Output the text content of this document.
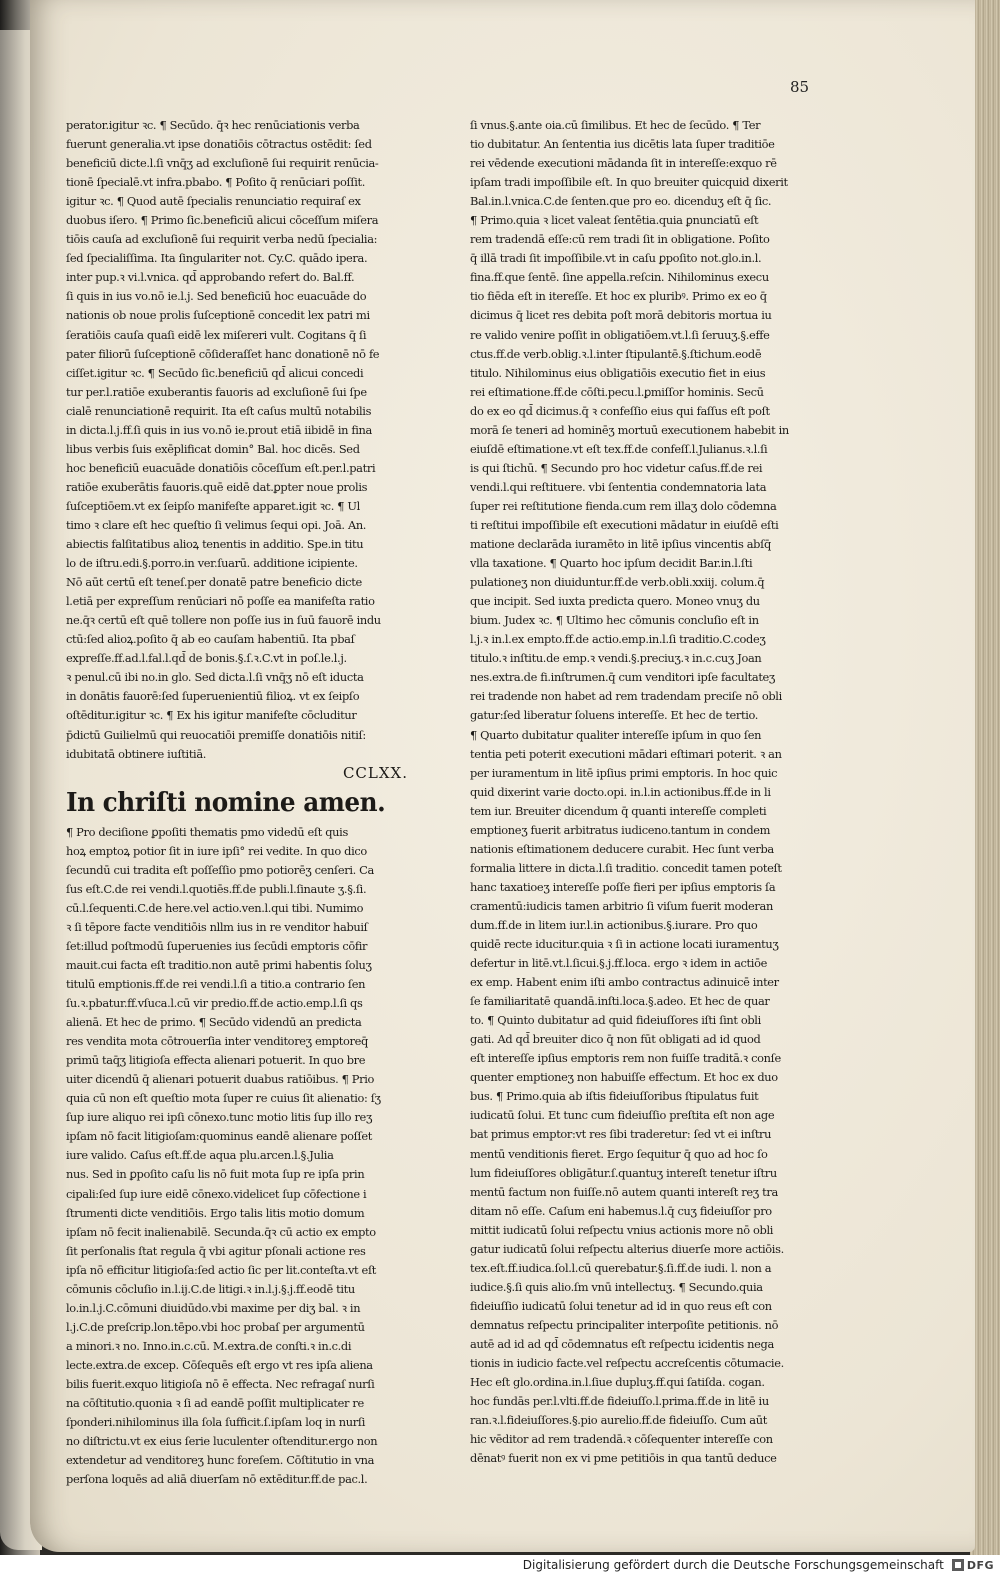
85
perator.igitur ꝛc. ¶ Secūdo. q̄ꝛ hec renūciationis verba
fuerunt generalia.vt ipse donatiōis cōtractus ostēdit: ſed
beneficiū dicte.l.ſi vnq̄ʒ ad excluſionē ſui requirit renūcia-
tionē ſpecialē.vt infra.pbabo. ¶ Poſito q̄ renūciari poſſit.
igitur ꝛc. ¶ Quod autē ſpecialis renunciatio requiraſ ex
duobus iſero. ¶ Primo ſic.beneficiū alicui cōceſſum miſera
tiōis cauſa ad excluſionē ſui requirit verba nedū ſpecialia:
ſed ſpecialiſſima. Ita ſingulariter not. Cy.C. quādo ipera.
inter pup.ꝛ vi.l.vnica. qd̄ approbando refert do. Bal.ff.
ſi quis in ius vo.nō ie.l.j. Sed beneficiū hoc euacuāde do
nationis ob noue prolis ſuſceptionē concedit lex patri mi
ſeratiōis cauſa quaſi eidē lex miſereri vult. Cogitans q̄ ſi
pater filiorū ſuſceptionē cōſideraſſet hanc donationē nō fe
ciſſet.igitur ꝛc. ¶ Secūdo ſic.beneficiū qd̄ alicui concedi
tur per.l.ratiōe exuberantis fauoris ad excluſionē ſui ſpe
cialē renunciationē requirit. Ita eſt caſus multū notabilis
in dicta.l.j.ff.ſi quis in ius vo.nō ie.prout etiā iibidē in fina
libus verbis ſuis exēplificat domin° Bal. hoc dicēs. Sed
hoc beneficiū euacuāde donatiōis cōceſſum eſt.per.l.patri
ratiōe exuberātis fauoris.quē eidē dat.ꝑpter noue prolis
ſuſceptiōem.vt ex ſeipſo manifeſte apparet.igit ꝛc. ¶ Ul
timo ꝛ clare eſt hec queſtio ſi velimus ſequi opi. Joā. An.
abiectis falſitatibus alioꝝ tenentis in additio. Spe.in titu
lo de iſtru.edi.§.porro.in ver.ſuarū. additione icipiente.
Nō aūt certū eſt teneſ.per donatē patre beneficio dicte
l.etiā per expreſſum renūciari nō poſſe ea manifeſta ratio
ne.q̄ꝛ certū eſt quē tollere non poſſe ius in ſuū fauorē indu
ctū:ſed alioꝝ.poſito q̄ ab eo cauſam habentiū. Ita pbaſ
expreſſe.ff.ad.l.fal.l.qd̄ de bonis.§.ſ.ꝛ.C.vt in poſ.le.l.j.
ꝛ penul.cū ibi no.in glo. Sed dicta.l.ſi vnq̄ʒ nō eſt iducta
in donātis fauorē:ſed ſuperuenientiū filioꝝ. vt ex ſeipſo
oſtēditur.igitur ꝛc. ¶ Ex his igitur manifeſte cōcluditur
p̄dictū Guilielmū qui reuocatiōi premiſſe donatiōis nitiſ:
idubitatā obtinere iuſtitiā.
CCLXX.
In chriſti nomine amen.
¶ Pro deciſione ꝑpoſiti thematis pmo videdū eſt quis
hoꝝ emptoꝝ potior ſit in iure ipſi° rei vedite. In quo dico
ſecundū cui tradita eſt poſſeſſio pmo potiorēʒ cenſeri. Ca
ſus eſt.C.de rei vendi.l.quotiēs.ff.de publi.l.ſinaute ʒ.§.ſi.
cū.l.ſequenti.C.de here.vel actio.ven.l.qui tibi. Numimo
ꝛ ſi tēpore facte venditiōis nllm ius in re venditor habuiſ
ſet:illud poſtmodū ſuperuenies ius ſecūdi emptoris cōfir
mauit.cui facta eſt traditio.non autē primi habentis ſoluʒ
titulū emptionis.ff.de rei vendi.l.ſi a titio.a contrario ſen
ſu.ꝛ.pbatur.ff.vſuca.l.cū vir predio.ff.de actio.emp.l.ſi qs
alienā. Et hec de primo. ¶ Secūdo videndū an predicta
res vendita mota cōtrouerſia inter venditoreʒ emptoreq̄
primū taq̄ʒ litigioſa effecta alienari potuerit. In quo bre
uiter dicendū q̄ alienari potuerit duabus ratiōibus. ¶ Prio
quia cū non eſt queſtio mota ſuper re cuius ſit alienatio: ſʒ
ſup iure aliquo rei ipſi cōnexo.tunc motio litis ſup illo reʒ
ipſam nō facit litigioſam:quominus eandē alienare poſſet
iure valido. Caſus eſt.ff.de aqua plu.arcen.l.§.Julia
nus. Sed in ꝑpoſito caſu lis nō fuit mota ſup re ipſa prin
cipali:ſed ſup iure eidē cōnexo.videlicet ſup cōfectione i
ſtrumenti dicte venditiōis. Ergo talis litis motio domum
ipſam nō fecit inalienabilē. Secunda.q̄ꝛ cū actio ex empto
ſit perſonalis ſtat regula q̄ vbi agitur pſonali actione res
ipſa nō efficitur litigioſa:ſed actio ſic per lit.conteſta.vt eſt
cōmunis cōcluſio in.l.ij.C.de litigi.ꝛ in.l.j.§.j.ff.eodē titu
lo.in.l.j.C.cōmuni diuidūdo.vbi maxime per diʒ bal. ꝛ in
l.j.C.de preſcrip.lon.tēpo.vbi hoc probaſ per argumentū
a minori.ꝛ no. Inno.in.c.cū. M.extra.de conſti.ꝛ in.c.di
lecte.extra.de excep. Cōſequēs eſt ergo vt res ipſa aliena
bilis fuerit.exquo litigioſa nō ē effecta. Nec refragaſ nurſi
na cōſtitutio.quonia ꝛ ſi ad eandē poſſit multiplicater re
ſponderi.nihilominus illa ſola ſufficit.ſ.ipſam loq in nurſi
no diſtrictu.vt ex eius ſerie luculenter oſtenditur.ergo non
extendetur ad venditoreʒ hunc foreſem. Cōſtitutio in vna
perſona loquēs ad aliā diuerſam nō extēditur.ff.de pac.l.
ſi vnus.§.ante oia.cū ſimilibus. Et hec de ſecūdo. ¶ Ter
tio dubitatur. An ſententia ius dicētis lata ſuper traditiōe
rei vēdende executioni mādanda ſit in intereſſe:exquo rē
ipſam tradi impoſſibile eſt. In quo breuiter quicquid dixerit
Bal.in.l.vnica.C.de ſenten.que pro eo. dicenduʒ eſt q̄ ſic.
¶ Primo.quia ꝛ licet valeat ſentētia.quia ꝑnunciatū eſt
rem tradendā eſſe:cū rem tradi ſit in obligatione. Poſito
q̄ illā tradi ſit impoſſibile.vt in caſu ꝑpoſito not.glo.in.l.
fina.ff.que ſentē. ſine appella.reſcin. Nihilominus execu
tio fiēda eſt in itereſſe. Et hoc ex pluribꝰ. Primo ex eo q̄
dicimus q̄ licet res debita poſt morā debitoris mortua iu
re valido venire poſſit in obligatiōem.vt.l.ſi ſeruuʒ.§.effe
ctus.ff.de verb.oblig.ꝛ.l.inter ſtipulantē.§.ſtichum.eodē
titulo. Nihilominus eius obligatiōis executio fiet in eius
rei eſtimatione.ff.de cōſti.pecu.l.ꝑmiſſor hominis. Secū
do ex eo qd̄ dicimus.q̄ ꝛ confeſſio eius qui faſſus eſt poſt
morā ſe teneri ad hominēʒ mortuū executionem habebit in
eiuſdē eſtimatione.vt eſt tex.ff.de confeſſ.l.Julianus.ꝛ.l.ſi
is qui ſtichū. ¶ Secundo pro hoc videtur caſus.ff.de rei
vendi.l.qui reſtituere. vbi ſententia condemnatoria lata
ſuper rei reſtitutione fienda.cum rem illaʒ dolo cōdemna
ti reſtitui impoſſibile eſt executioni mādatur in eiuſdē eſti
matione declarāda iuramēto in litē ipſius vincentis abſq̄
vlla taxatione. ¶ Quarto hoc ipſum decidit Bar.in.l.ſti
pulationeʒ non diuiduntur.ff.de verb.obli.xxiij. colum.q̄
que incipit. Sed iuxta predicta quero. Moneo vnuʒ du
bium. Judex ꝛc. ¶ Ultimo hec cōmunis concluſio eſt in
l.j.ꝛ in.l.ex empto.ff.de actio.emp.in.l.ſi traditio.C.codeʒ
titulo.ꝛ inſtitu.de emp.ꝛ vendi.§.preciuʒ.ꝛ in.c.cuʒ Joan
nes.extra.de fi.inſtrumen.q̄ cum venditori ipſe facultateʒ
rei tradende non habet ad rem tradendam preciſe nō obli
gatur:ſed liberatur ſoluens intereſſe. Et hec de tertio.
¶ Quarto dubitatur qualiter intereſſe ipſum in quo ſen
tentia peti poterit executioni mādari eſtimari poterit. ꝛ an
per iuramentum in litē ipſius primi emptoris. In hoc quic
quid dixerint varie docto.opi. in.l.in actionibus.ff.de in li
tem iur. Breuiter dicendum q̄ quanti intereſſe completi
emptioneʒ fuerit arbitratus iudiceno.tantum in condem
nationis eſtimationem deducere curabit. Hec ſunt verba
formalia littere in dicta.l.ſi traditio. concedit tamen poteſt
hanc taxatioeʒ intereſſe poſſe fieri per ipſius emptoris ſa
cramentū:iudicis tamen arbitrio ſi viſum fuerit moderan
dum.ff.de in litem iur.l.in actionibus.§.iurare. Pro quo
quidē recte iducitur.quia ꝛ ſi in actione locati iuramentuʒ
defertur in litē.vt.l.ſicui.§.j.ff.loca. ergo ꝛ idem in actiōe
ex emp. Habent enim iſti ambo contractus adinuicē inter
ſe familiaritatē quandā.inſti.loca.§.adeo. Et hec de quar
to. ¶ Quinto dubitatur ad quid fideiuſſores iſti ſint obli
gati. Ad qd̄ breuiter dico q̄ non fūt obligati ad id quod
eſt intereſſe ipſius emptoris rem non fuiſſe traditā.ꝛ conſe
quenter emptioneʒ non habuiſſe effectum. Et hoc ex duo
bus. ¶ Primo.quia ab iſtis fideiuſſoribus ſtipulatus fuit
iudicatū ſolui. Et tunc cum fideiuſſio preſtita eſt non age
bat primus emptor:vt res ſibi traderetur: ſed vt ei inſtru
mentū venditionis fieret. Ergo ſequitur q̄ quo ad hoc ſo
lum fideiuſſores obligātur.ſ.quantuʒ intereſt tenetur iſtru
mentū factum non fuiſſe.nō autem quanti intereſt reʒ tra
ditam nō eſſe. Caſum eni habemus.l.q̄ cuʒ fideiuſſor pro
mittit iudicatū ſolui reſpectu vnius actionis more nō obli
gatur iudicatū ſolui reſpectu alterius diuerſe more actiōis.
tex.eſt.ff.iudica.ſol.l.cū querebatur.§.ſi.ff.de iudi. l. non a
iudice.§.ſi quis alio.ſm vnū intellectuʒ. ¶ Secundo.quia
fideiuſſio iudicatū ſolui tenetur ad id in quo reus eſt con
demnatus reſpectu principaliter interpoſite petitionis. nō
autē ad id ad qd̄ cōdemnatus eſt reſpectu icidentis nega
tionis in iudicio facte.vel reſpectu accreſcentis cōtumacie.
Hec eſt glo.ordina.in.l.ſiue dupluʒ.ff.qui ſatiſda. cogan.
hoc fundās per.l.vlti.ff.de fideiuſſo.l.prima.ff.de in litē iu
ran.ꝛ.l.fideiuſſores.§.pio aurelio.ff.de fideiuſſo. Cum aūt
hic vēditor ad rem tradendā.ꝛ cōſequenter intereſſe con
dēnatꝰ fuerit non ex vi pme petitiōis in qua tantū deduce
Digitalisierung gefördert durch die Deutsche Forschungsgemeinschaft DFG
